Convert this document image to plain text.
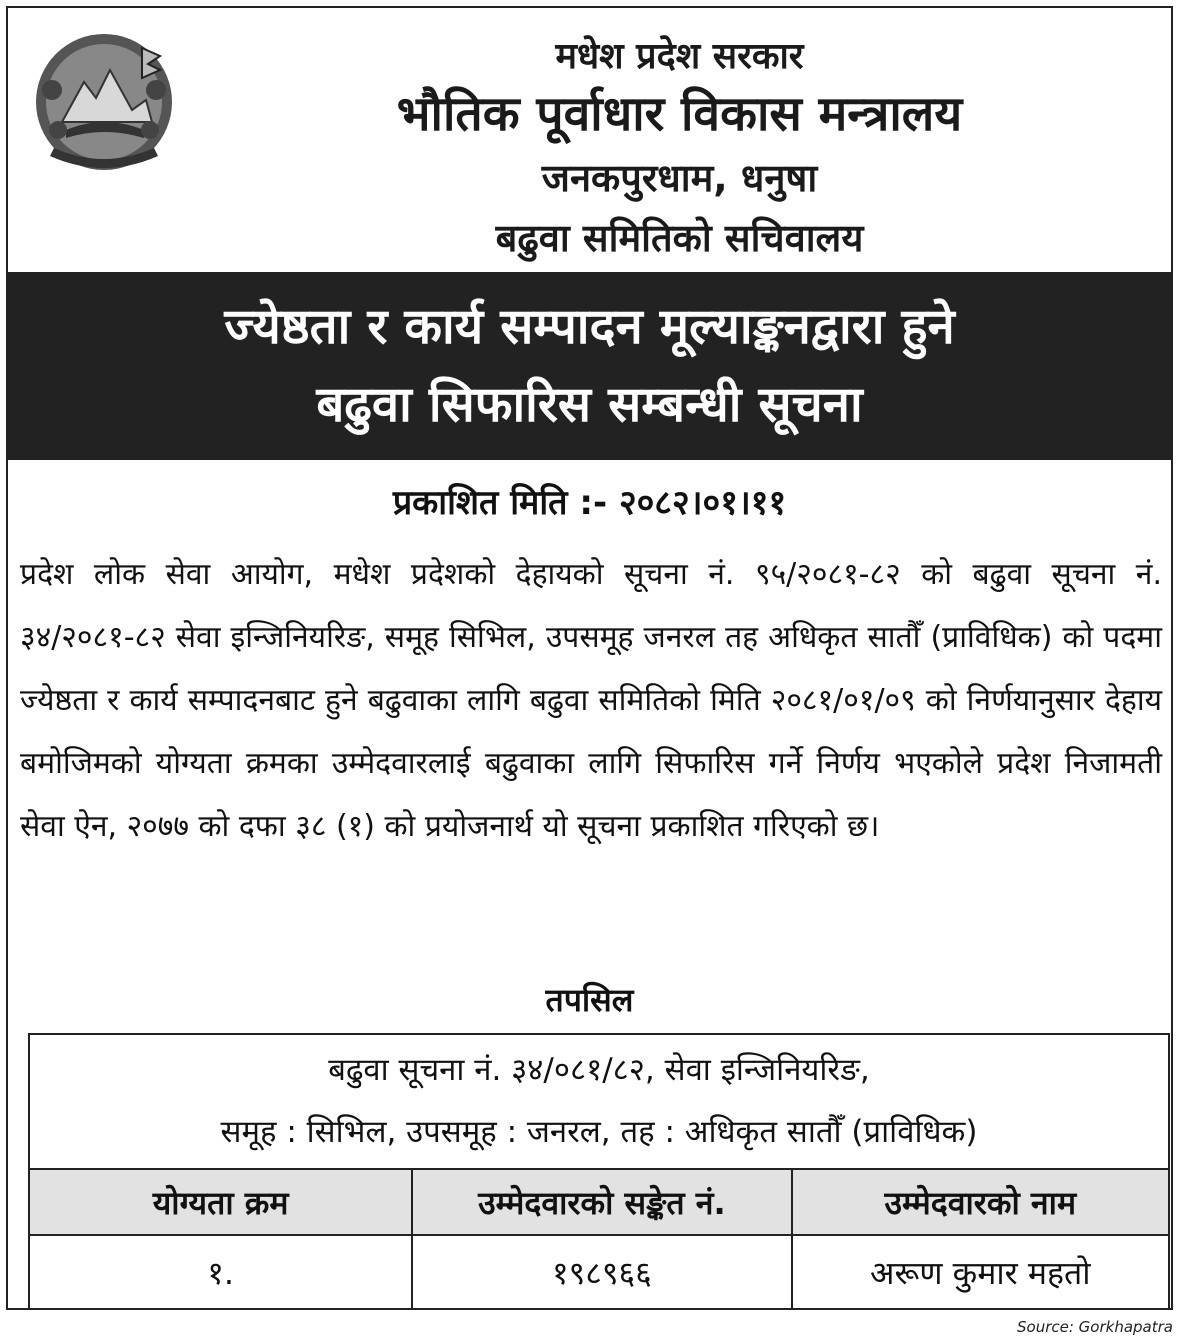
मधेश प्रदेश सरकार
भौतिक पूर्वाधार विकास मन्त्रालय
जनकपुरधाम, धनुषा
बढुवा समितिको सचिवालय
ज्येष्ठता र कार्य सम्पादन मूल्याङ्कनद्वारा हुने
बढुवा सिफारिस सम्बन्धी सूचना
प्रकाशित मिति :- २०८२।०१।११
प्रदेश लोक सेवा आयोग, मधेश प्रदेशको देहायको सूचना नं. ९५/२०८१-८२ को बढुवा सूचना नं. ३४/२०८१-८२ सेवा इन्जिनियरिङ, समूह सिभिल, उपसमूह जनरल तह अधिकृत सातौँ (प्राविधिक) को पदमा ज्येष्ठता र कार्य सम्पादनबाट हुने बढुवाका लागि बढुवा समितिको मिति २०८१/०१/०९ को निर्णयानुसार देहाय बमोजिमको योग्यता क्रमका उम्मेदवारलाई बढुवाका लागि सिफारिस गर्ने निर्णय भएकोले प्रदेश निजामती सेवा ऐन, २०७७ को दफा ३८ (१) को प्रयोजनार्थ यो सूचना प्रकाशित गरिएको छ।
तपसिल
बढुवा सूचना नं. ३४/०८१/८२, सेवा इन्जिनियरिङ,
समूह : सिभिल, उपसमूह : जनरल, तह : अधिकृत सातौँ (प्राविधिक)
योग्यता क्रम	उम्मेदवारको सङ्केत नं.	उम्मेदवारको नाम
१.	१९८९६६	अरूण कुमार महतो
Source: Gorkhapatra
